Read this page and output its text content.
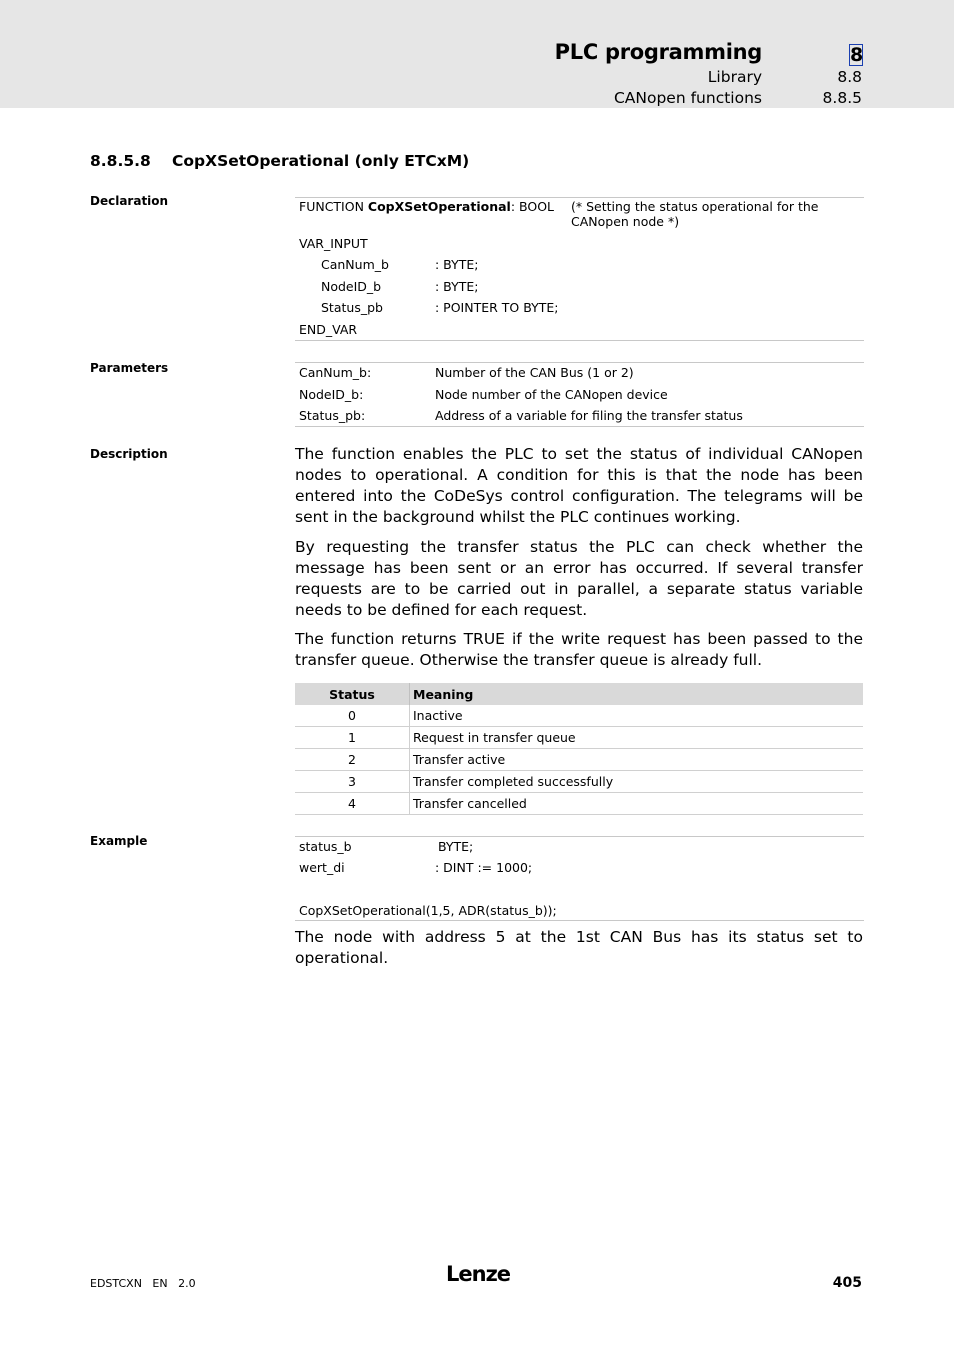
PLC programming	8
Library	8.8
CANopen functions	8.8.5
8.8.5.8 CopXSetOperational (only ETCxM)
Declaration	FUNCTION CopXSetOperational: BOOL (* Setting the status operational for the
CANopen node *)
VAR_INPUT
CanNum_b	: BYTE;
NodeID_b	: BYTE;
Status_pb	: POINTER TO BYTE;
END_VAR
Parameters	CanNum_b:	Number of the CAN Bus (1 or 2)
NodeID_b:	Node number of the CANopen device
Status_pb:	Address of a variable for filing the transfer status
Description	The function enables the PLC to set the status of individual CANopen nodes to operational. A condition for this is that the node has been entered into the CoDeSys control configuration. The telegrams will be sent in the background whilst the PLC continues working.
By requesting the transfer status the PLC can check whether the message has been sent or an error has occurred. If several transfer requests are to be carried out in parallel, a separate status variable needs to be defined for each request.
The function returns TRUE if the write request has been passed to the transfer queue. Otherwise the transfer queue is already full.
Status	Meaning
0	Inactive
1	Request in transfer queue
2	Transfer active
3	Transfer completed successfully
4	Transfer cancelled
Example	status_b	BYTE;
wert_di	: DINT := 1000;
CopXSetOperational(1,5, ADR(status_b));
The node with address 5 at the 1st CAN Bus has its status set to operational.
EDSTCXN   EN   2.0	Lenze	405
